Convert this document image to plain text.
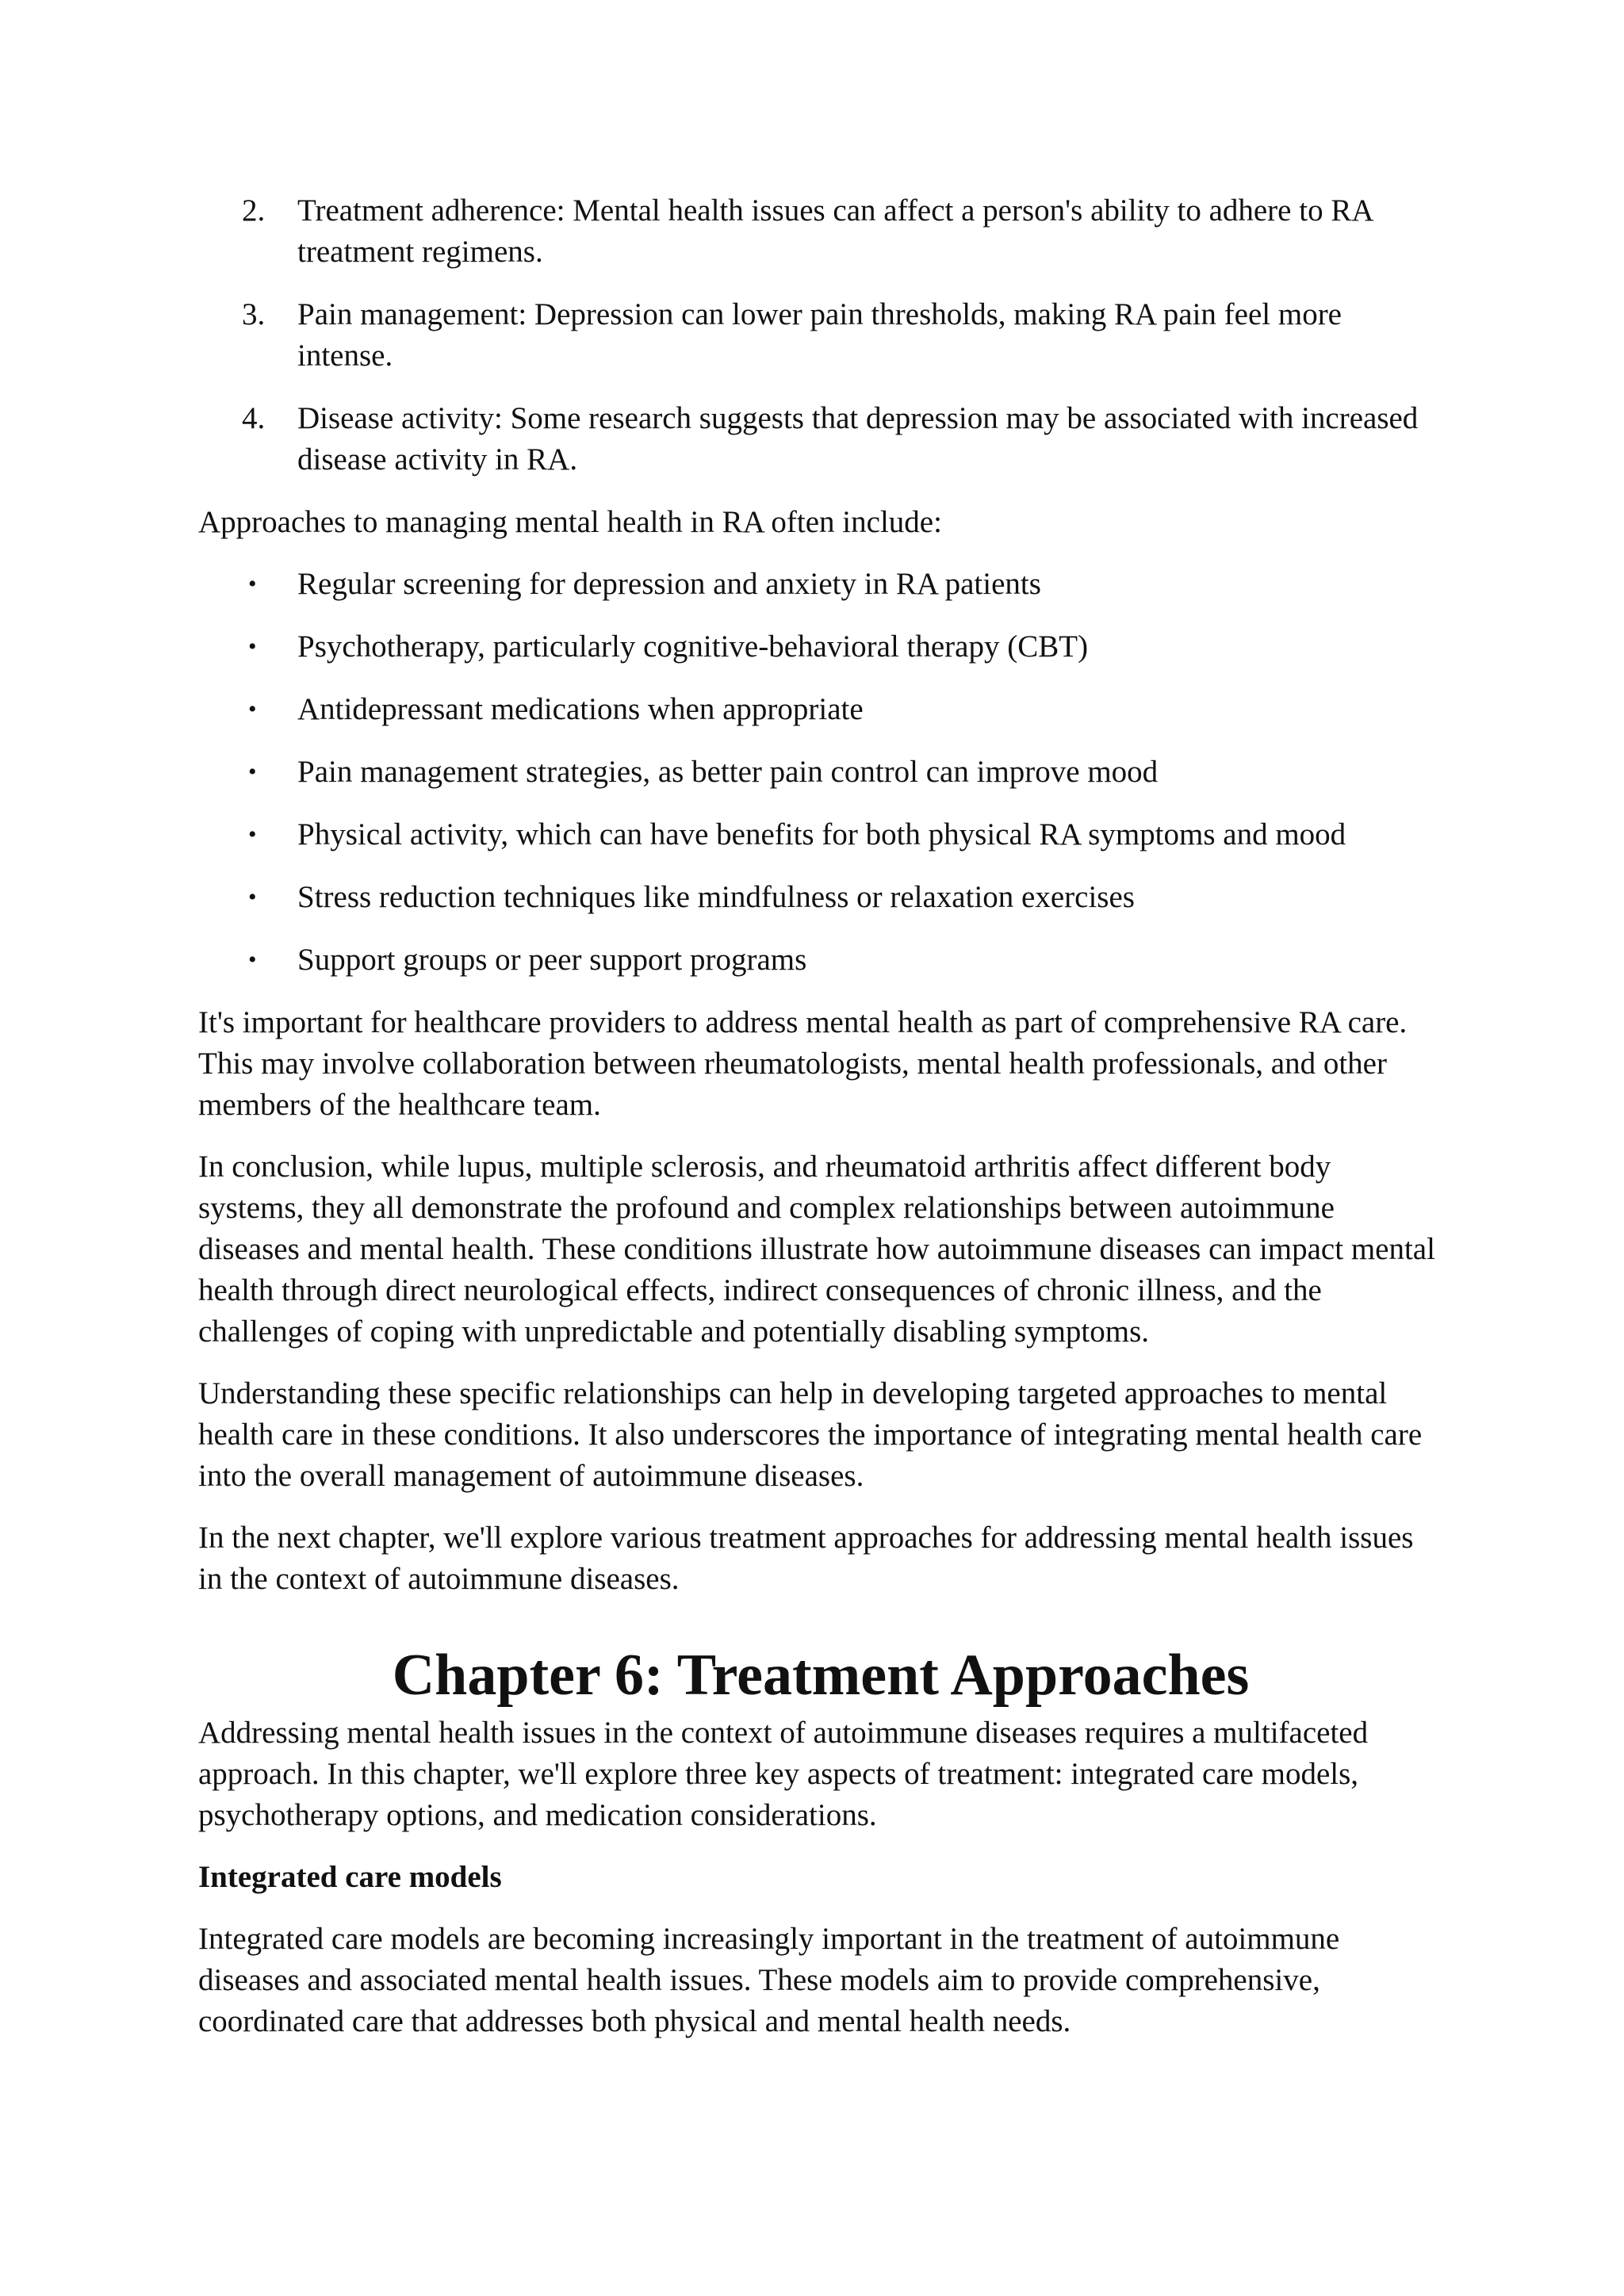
2. Treatment adherence: Mental health issues can affect a person's ability to adhere to RA treatment regimens.
3. Pain management: Depression can lower pain thresholds, making RA pain feel more intense.
4. Disease activity: Some research suggests that depression may be associated with increased disease activity in RA.

Approaches to managing mental health in RA often include:

• Regular screening for depression and anxiety in RA patients
• Psychotherapy, particularly cognitive-behavioral therapy (CBT)
• Antidepressant medications when appropriate
• Pain management strategies, as better pain control can improve mood
• Physical activity, which can have benefits for both physical RA symptoms and mood
• Stress reduction techniques like mindfulness or relaxation exercises
• Support groups or peer support programs

It's important for healthcare providers to address mental health as part of comprehensive RA care. This may involve collaboration between rheumatologists, mental health professionals, and other members of the healthcare team.

In conclusion, while lupus, multiple sclerosis, and rheumatoid arthritis affect different body systems, they all demonstrate the profound and complex relationships between autoimmune diseases and mental health. These conditions illustrate how autoimmune diseases can impact mental health through direct neurological effects, indirect consequences of chronic illness, and the challenges of coping with unpredictable and potentially disabling symptoms.

Understanding these specific relationships can help in developing targeted approaches to mental health care in these conditions. It also underscores the importance of integrating mental health care into the overall management of autoimmune diseases.

In the next chapter, we'll explore various treatment approaches for addressing mental health issues in the context of autoimmune diseases.

Chapter 6: Treatment Approaches

Addressing mental health issues in the context of autoimmune diseases requires a multifaceted approach. In this chapter, we'll explore three key aspects of treatment: integrated care models, psychotherapy options, and medication considerations.

Integrated care models

Integrated care models are becoming increasingly important in the treatment of autoimmune diseases and associated mental health issues. These models aim to provide comprehensive, coordinated care that addresses both physical and mental health needs.
